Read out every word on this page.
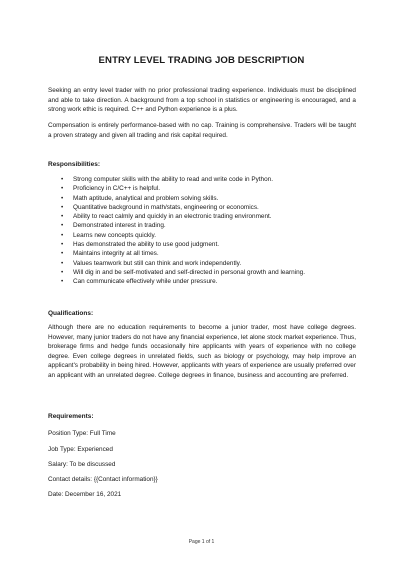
ENTRY LEVEL TRADING JOB DESCRIPTION

Seeking an entry level trader with no prior professional trading experience. Individuals must be disciplined and able to take direction. A background from a top school in statistics or engineering is encouraged, and a strong work ethic is required. C++ and Python experience is a plus.

Compensation is entirely performance-based with no cap. Training is comprehensive. Traders will be taught a proven strategy and given all trading and risk capital required.

Responsibilities:

• Strong computer skills with the ability to read and write code in Python.
• Proficiency in C/C++ is helpful.
• Math aptitude, analytical and problem solving skills.
• Quantitative background in math/stats, engineering or economics.
• Ability to react calmly and quickly in an electronic trading environment.
• Demonstrated interest in trading.
• Learns new concepts quickly.
• Has demonstrated the ability to use good judgment.
• Maintains integrity at all times.
• Values teamwork but still can think and work independently.
• Will dig in and be self-motivated and self-directed in personal growth and learning.
• Can communicate effectively while under pressure.

Qualifications:

Although there are no education requirements to become a junior trader, most have college degrees. However, many junior traders do not have any financial experience, let alone stock market experience. Thus, brokerage firms and hedge funds occasionally hire applicants with years of experience with no college degree. Even college degrees in unrelated fields, such as biology or psychology, may help improve an applicant's probability in being hired. However, applicants with years of experience are usually preferred over an applicant with an unrelated degree. College degrees in finance, business and accounting are preferred.

Requirements:

Position Type: Full Time

Job Type: Experienced

Salary: To be discussed

Contact details: {{Contact information}}

Date: December 16, 2021

Page 1 of 1
